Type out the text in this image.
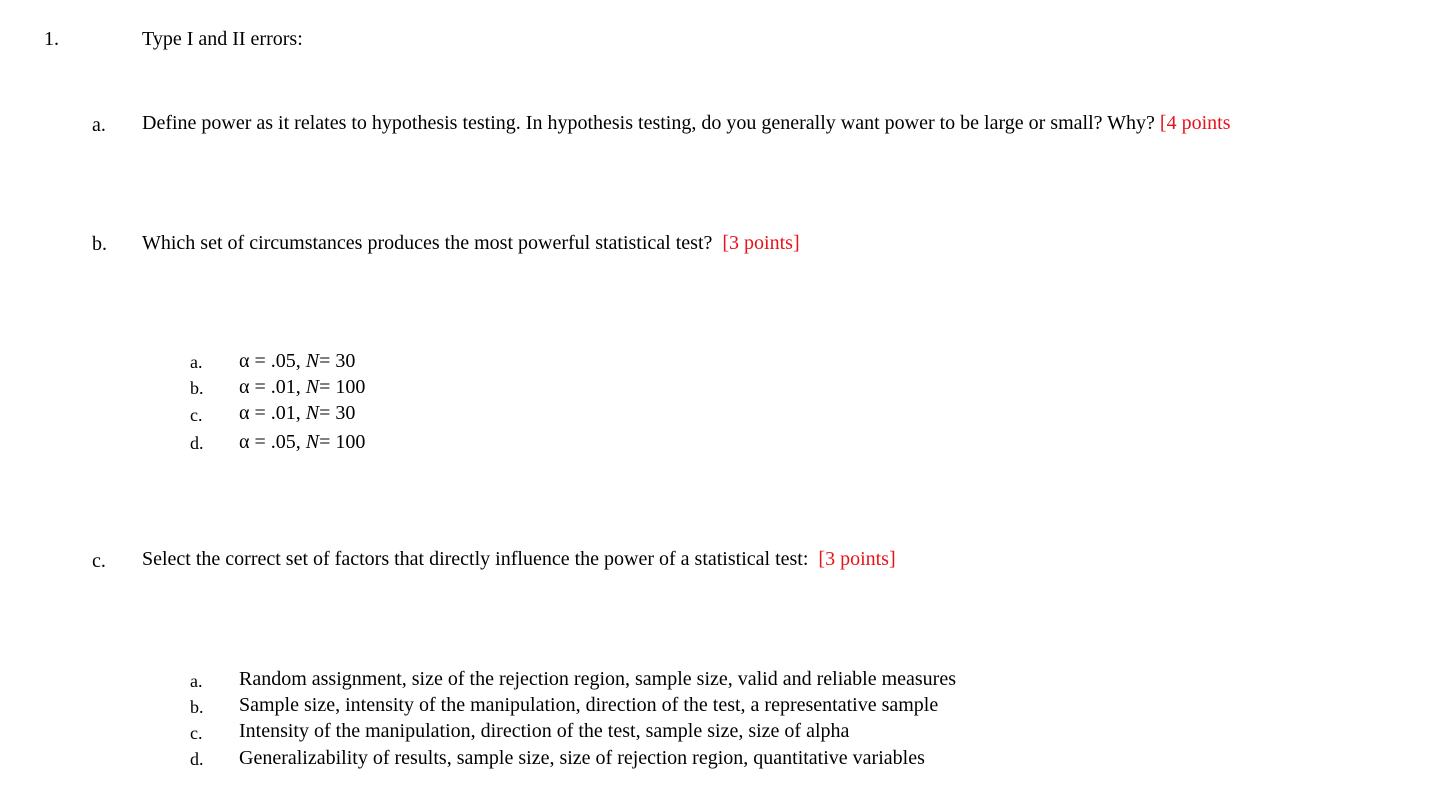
1.	Type I and II errors:
a. Define power as it relates to hypothesis testing. In hypothesis testing, do you generally want power to be large or small? Why? [4 points
b. Which set of circumstances produces the most powerful statistical test? [3 points]
a. α = .05, N= 30
b. α = .01, N= 100
c. α = .01, N= 30
d. α = .05, N= 100
c. Select the correct set of factors that directly influence the power of a statistical test: [3 points]
a. Random assignment, size of the rejection region, sample size, valid and reliable measures
b. Sample size, intensity of the manipulation, direction of the test, a representative sample
c. Intensity of the manipulation, direction of the test, sample size, size of alpha
d. Generalizability of results, sample size, size of rejection region, quantitative variables
